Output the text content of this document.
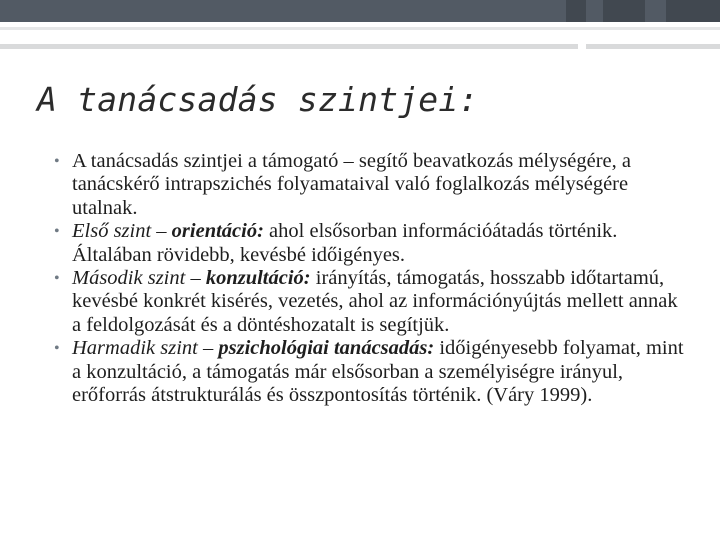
A tanácsadás szintjei:
• A tanácsadás szintjei a támogató – segítő beavatkozás mélységére, a tanácskérő intrapszichés folyamataival való foglalkozás mélységére utalnak.
• Első szint – orientáció: ahol elsősorban információátadás történik. Általában rövidebb, kevésbé időigényes.
• Második szint – konzultáció: irányítás, támogatás, hosszabb időtartamú, kevésbé konkrét kisérés, vezetés, ahol az információnyújtás mellett annak a feldolgozását és a döntéshozatalt is segítjük.
• Harmadik szint – pszichológiai tanácsadás: időigényesebb folyamat, mint a konzultáció, a támogatás már elsősorban a személyiségre irányul, erőforrás átstrukturálás és összpontosítás történik. (Váry 1999).
